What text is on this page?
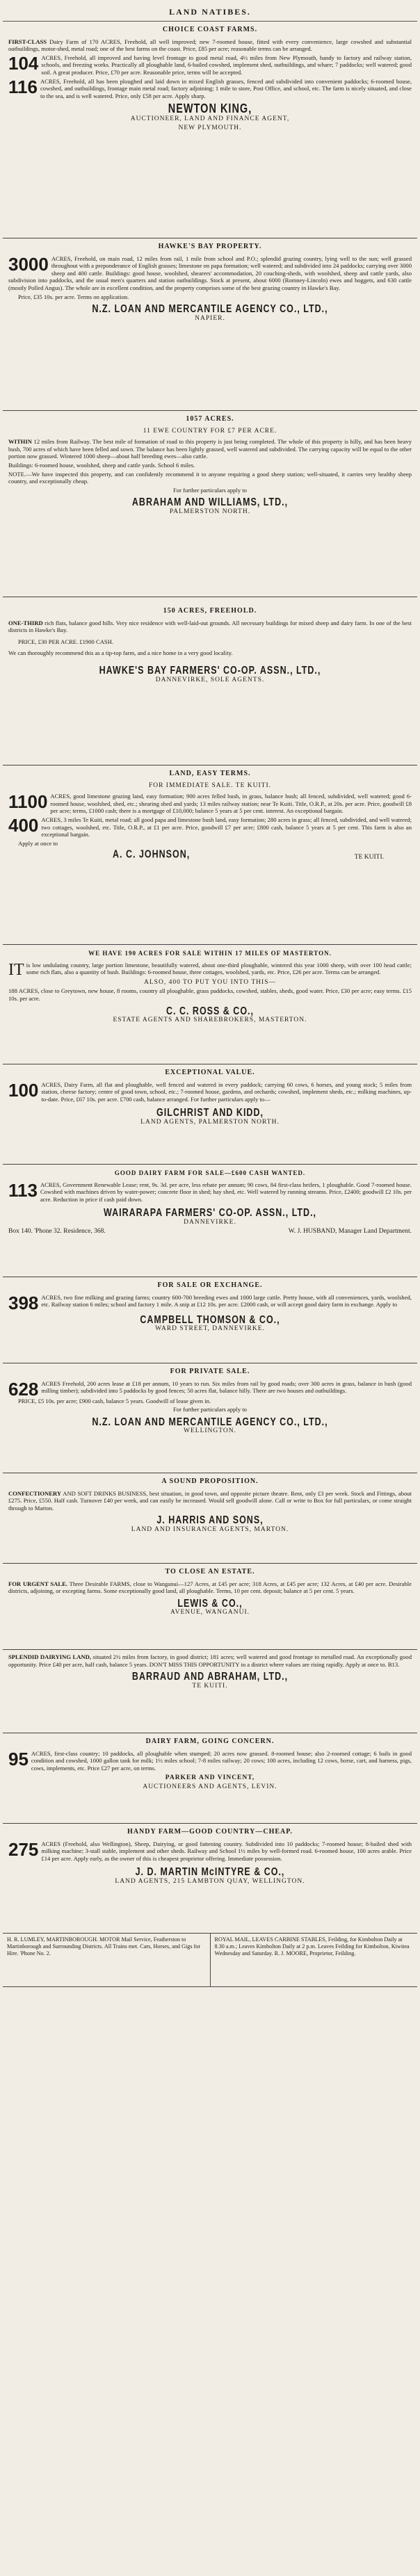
LAND NATIBES.
CHOICE COAST FARMS.

FIRST-CLASS Dairy Farm of 170 ACRES, Freehold, all well improved; new 7-roomed house, fitted with every convenience, large cowshed and substantial outbuildings, motor-shed, metal road; one of the best farms on the coast. Price, £85 per acre; reasonable terms can be arranged.

104 ACRES, Freehold, all improved and having level frontage to good metal road, 4½ miles from New Plymouth, handy to factory and railway station, schools, and freezing works. Practically all ploughable land, 6-bailed cowshed, implement shed, outbuildings, and whare; 7 paddocks; well watered; good soil. A great producer. Price, £70 per acre. Reasonable price, terms will be accepted.

116 ACRES, Freehold, all has been ploughed and laid down in mixed English grasses, fenced and subdivided into convenient paddocks; 6-roomed house, cowshed, and outbuildings, frontage main metal road; factory adjoining; 1 mile to store, Post Office, and school, etc. The farm is nicely situated, and close to the sea, and is well watered. Price, only £58 per acre. Apply sharp.

NEWTON KING,
AUCTIONEER, LAND AND FINANCE AGENT,
NEW PLYMOUTH.
HAWKE'S BAY PROPERTY.

3000 ACRES, Freehold, on main road, 12 miles from rail, 1 mile from school and P.O.; splendid grazing country, lying well to the sun; well grassed throughout with a preponderance of English grasses; limestone on papa formation; well watered; and subdivided into 24 paddocks; carrying over 3000 sheep and 400 cattle. Buildings: good house, woolshed, shearers' accommodation, 20 couching-sheds, with woolshed, sheep and cattle yards, also subdivision into paddocks, and the usual men's quarters and station outbuildings. Stock at present, about 6000 (Romney-Lincoln) ewes and hoggets, and 630 cattle (mostly Polled Angus). The whole are in excellent condition, and the property comprises some of the best grazing country in Hawke's Bay.

Price, £35 10s. per acre. Terms on application.

N.Z. LOAN AND MERCANTILE AGENCY CO., LTD.,
NAPIER.
1057 ACRES.
11 EWE COUNTRY FOR £7 PER ACRE.

WITHIN 12 miles from Railway. The best mile of formation of road to this property is just being completed. The whole of this property is hilly, and has been heavy bush, 700 acres of which have been felled and sown. The balance has been lightly grassed, well watered and subdivided. The carrying capacity will be equal to the other portion now grassed. Wintered 1000 sheep—about half breeding ewes—also cattle.

Buildings: 6-roomed house, woolshed, sheep and cattle yards. School 6 miles.

NOTE.—We have inspected this property, and can confidently recommend it to anyone requiring a good sheep station; well-situated, it carries very healthy sheep country, and exceptionally cheap.

For further particulars apply to

ABRAHAM AND WILLIAMS, LTD.,
PALMERSTON NORTH.
150 ACRES, FREEHOLD.

ONE-THIRD rich flats, balance good hills. Very nice residence with well-laid-out grounds. All necessary buildings for mixed sheep and dairy farm. In one of the best districts in Hawke's Bay.

PRICE, £30 PER ACRE. £1900 CASH.

We can thoroughly recommend this as a tip-top farm, and a nice home in a very good locality.

HAWKE'S BAY FARMERS' CO-OP. ASSN., LTD.,
DANNEVIRKE, SOLE AGENTS.
LAND, EASY TERMS.
FOR IMMEDIATE SALE. TE KUITI.

1100 ACRES, good limestone grazing land, easy formation; 900 acres felled bush, in grass, balance bush; all fenced, subdivided, well watered; good 6-roomed house, woolshed, shed, etc.; shearing shed and yards; 13 miles railway station; near Te Kuiti. Title, O.R.P., at 20s. per acre. Price, goodwill £8 per acre; terms, £1000 cash; there is a mortgage of £10,000; balance 5 years at 5 per cent. interest. An exceptional bargain.

400 ACRES, 3 miles Te Kuiti, metal road; all good papa and limestone bush land, easy formation; 280 acres in grass; all fenced, subdivided, and well watered; two cottages, woolshed, etc. Title, O.R.P., at £1 per acre. Price, goodwill £7 per acre; £800 cash, balance 5 years at 5 per cent. This farm is also an exceptional bargain.

Apply at once to

A. C. JOHNSON,	TE KUITI.
WE HAVE 190 ACRES FOR SALE WITHIN 17 MILES OF MASTERTON.

IT is low undulating country, large portion limestone, beautifully watered, about one-third ploughable, wintered this year 1000 sheep, with over 100 head cattle; some rich flats, also a quantity of bush. Buildings: 6-roomed house, three cottages, woolshed, yards, etc. Price, £26 per acre. Terms can be arranged.

ALSO, 400 TO PUT YOU INTO THIS—

188 ACRES, close to Greytown, new house, 8 rooms, country all ploughable, grass paddocks, cowshed, stables, sheds, good water. Price, £30 per acre; easy terms. £15 10s. per acre.

C. C. ROSS & CO.,
ESTATE AGENTS AND SHAREBROKERS, MASTERTON.
EXCEPTIONAL VALUE.

100 ACRES, Dairy Farm, all flat and ploughable, well fenced and watered in every paddock; carrying 60 cows, 6 horses, and young stock; 5 miles from station, cheese factory; centre of good town, school, etc.; 7-roomed house, gardens, and orchards; cowshed, implement sheds, etc.; milking machines, up-to-date. Price, £67 10s. per acre. £700 cash, balance arranged. For further particulars apply to—

GILCHRIST AND KIDD,
LAND AGENTS, PALMERSTON NORTH.
GOOD DAIRY FARM FOR SALE—£600 CASH WANTED.

113 ACRES, Government Renewable Lease; rent, 9s. 3d. per acre, less rebate per annum; 90 cows, 84 first-class heifers, 1 ploughable. Good 7-roomed house. Cowshed with machines driven by water-power; concrete floor in shed; hay shed, etc. Well watered by running streams. Price, £2400; goodwill £2 10s. per acre. Reduction in price if cash paid down.

WAIRARAPA FARMERS' CO-OP. ASSN., LTD.,
DANNEVIRKE.
Box 140. 'Phone 32. Residence, 368.	W. J. HUSBAND, Manager Land Department.
FOR SALE OR EXCHANGE.

398 ACRES, two fine milking and grazing farms; country 600-700 breeding ewes and 1000 large cattle. Pretty house, with all conveniences, yards, woolshed, etc. Railway station 6 miles; school and factory 1 mile. A snip at £12 10s. per acre. £2000 cash, or will accept good dairy farm in exchange. Apply to

CAMPBELL THOMSON & CO.,
WARD STREET, DANNEVIRKE.
FOR PRIVATE SALE.

628 ACRES Freehold, 200 acres lease at £18 per annum, 10 years to run. Six miles from rail by good roads; over 300 acres in grass, balance in bush (good milling timber); subdivided into 5 paddocks by good fences; 50 acres flat, balance hilly. There are two houses and outbuildings.

PRICE, £5 10s. per acre; £900 cash, balance 5 years. Goodwill of lease given in.

For further particulars apply to

N.Z. LOAN AND MERCANTILE AGENCY CO., LTD.,
WELLINGTON.
A SOUND PROPOSITION.

CONFECTIONERY AND SOFT DRINKS BUSINESS, best situation, in good town, and opposite picture theatre. Rent, only £3 per week. Stock and Fittings, about £275. Price, £550. Half cash. Turnover £40 per week, and can easily be increased. Would sell goodwill alone. Call or write to Box for full particulars, or come straight through to Marton.

J. HARRIS AND SONS,
LAND AND INSURANCE AGENTS, MARTON.
TO CLOSE AN ESTATE.

FOR URGENT SALE. Three Desirable FARMS, close to Wanganui—127 Acres, at £45 per acre; 318 Acres, at £45 per acre; 132 Acres, at £40 per acre. Desirable districts, adjoining, or excepting farms. Some exceptionally good land, all ploughable. Terms, 10 per cent. deposit; balance at 5 per cent. 5 years.

LEWIS & CO.,
AVENUE, WANGANUI.

SPLENDID DAIRYING LAND, situated 2½ miles from factory, in good district; 181 acres; well watered and good frontage to metalled road. An exceptionally good opportunity. Price £40 per acre, half cash, balance 5 years. DON'T MISS THIS OPPORTUNITY in a district where values are rising rapidly. Apply at once to. B13.

BARRAUD AND ABRAHAM, LTD.,
TE KUITI.
DAIRY FARM, GOING CONCERN.

95 ACRES, first-class country; 10 paddocks, all ploughable when stumped; 20 acres now grassed. 8-roomed house; also 2-roomed cottage; 6 bails in good condition and cowshed, 1000 gallon tank for milk; 1½ miles school; 7-8 miles railway; 20 cows; 100 acres, including 12 cows, horse, cart, and harness, pigs, cows, implements, etc. Price £27 per acre, on terms.

PARKER AND VINCENT,
AUCTIONEERS AND AGENTS, LEVIN.
HANDY FARM—GOOD COUNTRY—CHEAP.

275 ACRES (Freehold, also Wellington), Sheep, Dairying, or good fattening country. Subdivided into 10 paddocks; 7-roomed house; 8-bailed shed with milking machine; 3-stall stable, implement and other sheds. Railway and School 1½ miles by well-formed road. 6-roomed house, 100 acres arable. Price £14 per acre. Apply early, as the owner of this is cheapest proprietor offering. Immediate possession.

J. D. MARTIN McINTYRE & CO.,
LAND AGENTS, 215 LAMBTON QUAY, WELLINGTON.
H. R. LUMLEY, MARTINBOROUGH. MOTOR Mail Service, Featherston to Martinborough and Surrounding Districts. All Trains met. Cars, Horses, and Gigs for Hire. 'Phone No. 2.
ROYAL MAIL, LEAVES CARBINE STABLES, Feilding, for Kimbolton Daily at 8.30 a.m.; Leaves Kimbolton Daily at 2 p.m. Leaves Feilding for Kimbolton, Kiwitea Wednesday and Saturday. R. J. MOORE, Proprietor, Feilding.
